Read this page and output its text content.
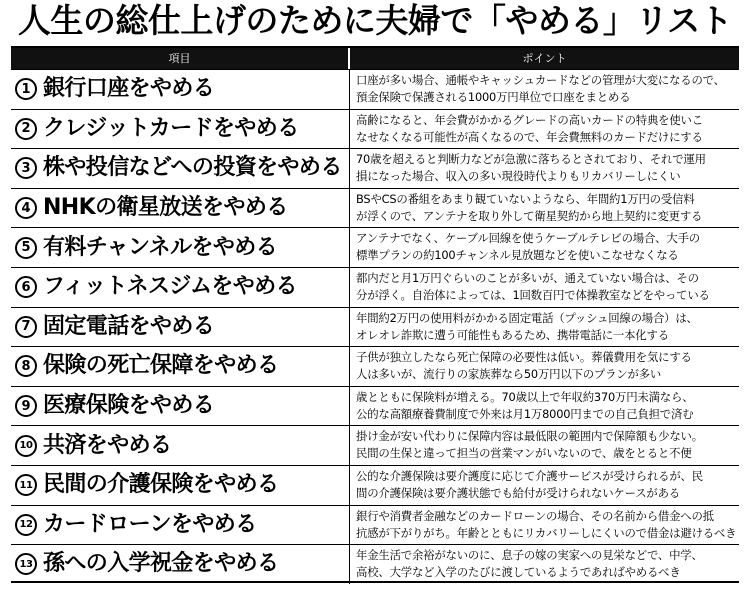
人生の総仕上げのために夫婦で「やめる」リスト
項目	ポイント
1 銀行口座をやめる	口座が多い場合、通帳やキャッシュカードなどの管理が大変になるので、
預金保険で保護される1000万円単位で口座をまとめる
2 クレジットカードをやめる	高齢になると、年会費がかかるグレードの高いカードの特典を使いこ
なせなくなる可能性が高くなるので、年会費無料のカードだけにする
3 株や投信などへの投資をやめる 70歳を超えると判断力などが急激に落ちるとされており、それで運用
損になった場合、収入の多い現役時代よりもリカバリーしにくい
4 NHKの衛星放送をやめる	BSやCSの番組をあまり観ていないようなら、年間約1万円の受信料
が浮くので、アンテナを取り外して衛星契約から地上契約に変更する
5 有料チャンネルをやめる	アンテナでなく、ケーブル回線を使うケーブルテレビの場合、大手の
標準プランの約100チャンネル見放題などを使いこなせなくなる
6 フィットネスジムをやめる	都内だと月1万円ぐらいのことが多いが、通えていない場合は、その
分が浮く。自治体によっては、1回数百円で体操教室などをやっている
7 固定電話をやめる	年間約2万円の使用料がかかる固定電話（プッシュ回線の場合）は、
オレオレ詐欺に遭う可能性もあるため、携帯電話に一本化する
8 保険の死亡保障をやめる	子供が独立したなら死亡保障の必要性は低い。葬儀費用を気にする
人は多いが、流行りの家族葬なら50万円以下のプランが多い
9 医療保険をやめる	歳とともに保険料が増える。70歳以上で年収約370万円未満なら、
公的な高額療養費制度で外来は月1万8000円までの自己負担で済む
10 共済をやめる	掛け金が安い代わりに保障内容は最低限の範囲内で保障額も少ない。
民間の生保と違って担当の営業マンがいないので、歳をとると不便
11 民間の介護保険をやめる	公的な介護保険は要介護度に応じて介護サービスが受けられるが、民
間の介護保険は要介護状態でも給付が受けられないケースがある
12 カードローンをやめる	銀行や消費者金融などのカードローンの場合、その名前から借金への抵
抗感が下がりがち。年齢とともにリカバリーしにくいので借金は避けるべき
13 孫への入学祝金をやめる	年金生活で余裕がないのに、息子の嫁の実家への見栄などで、中学、
高校、大学など入学のたびに渡しているようであればやめるべき
